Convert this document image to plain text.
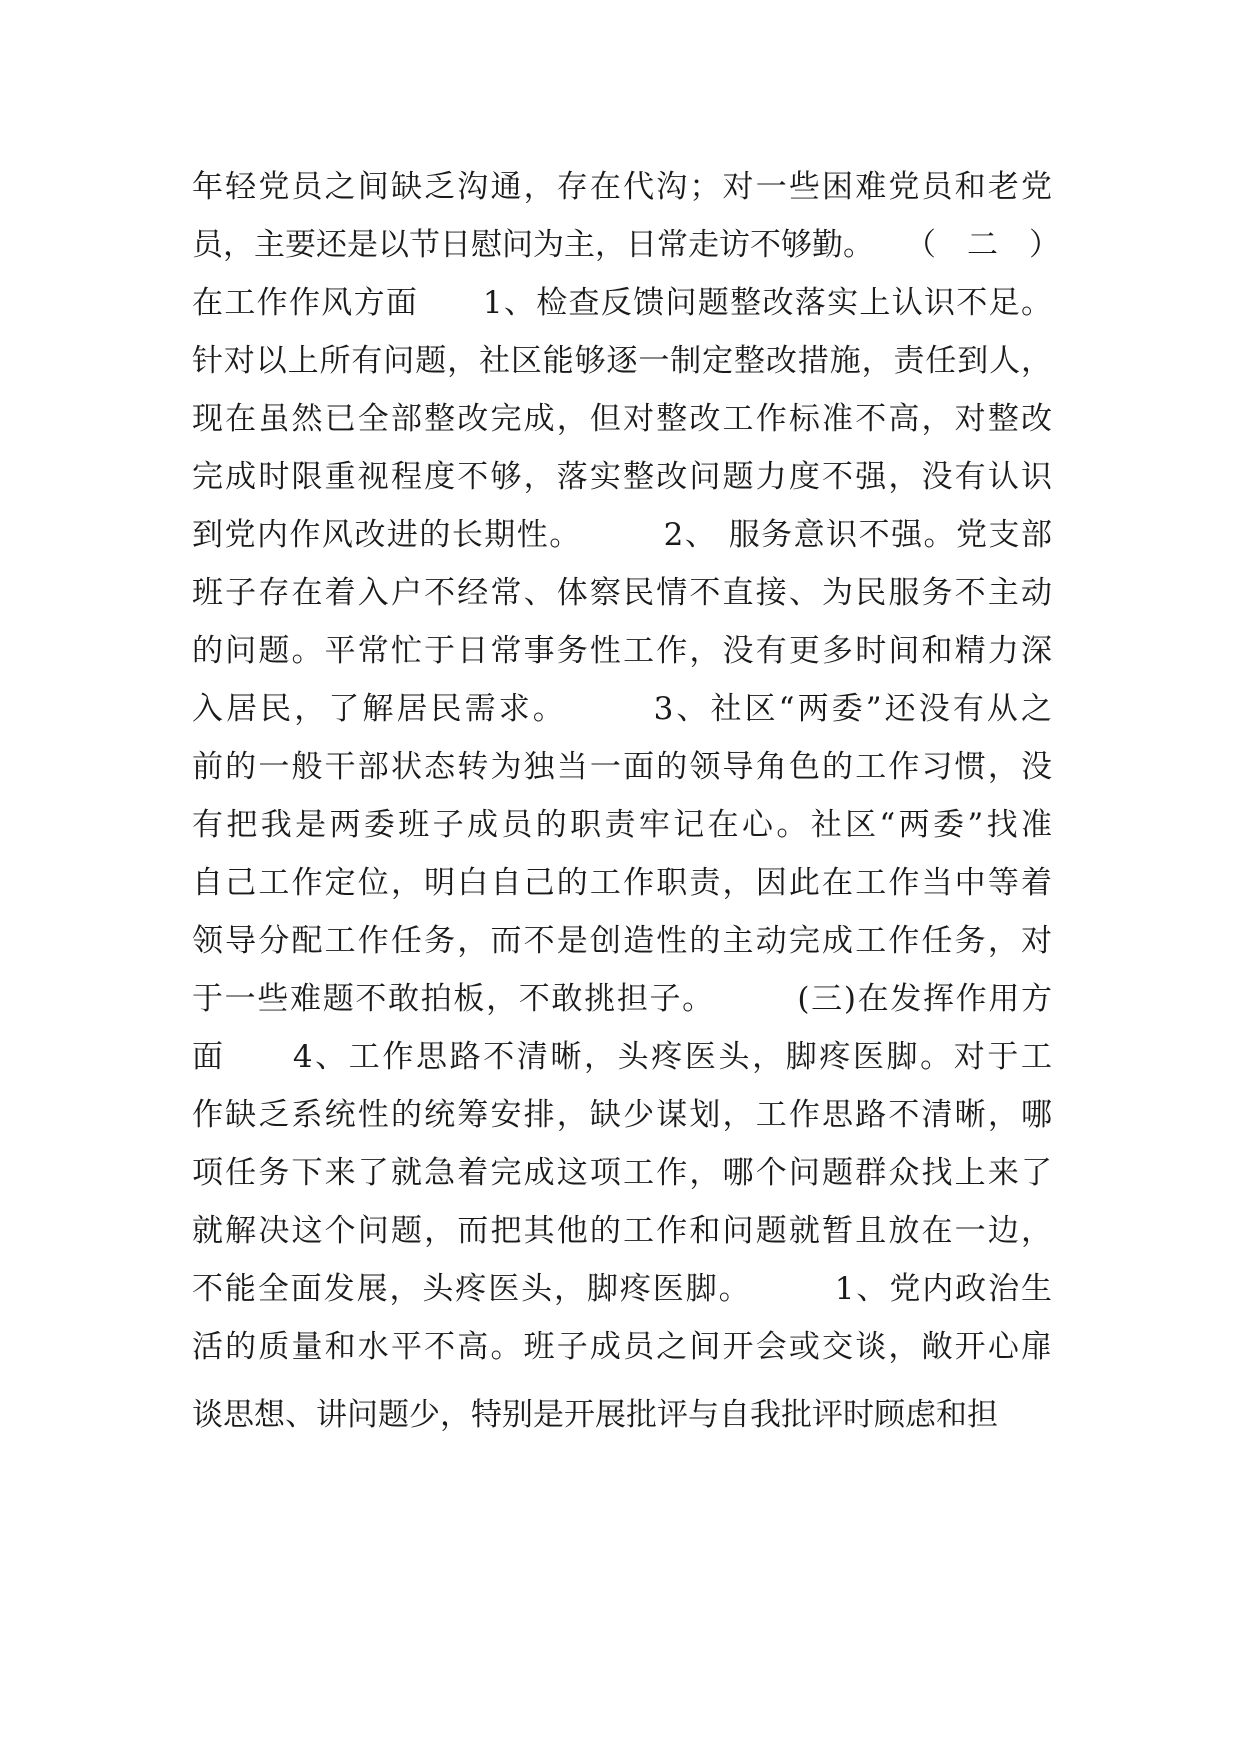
年轻党员之间缺乏沟通，存在代沟；对一些困难党员和老党
员，主要还是以节日慰问为主，日常走访不够勤。　　（　二　）
在工作作风方面　　1、检查反馈问题整改落实上认识不足。
针对以上所有问题，社区能够逐一制定整改措施，责任到人，
现在虽然已全部整改完成，但对整改工作标准不高，对整改
完成时限重视程度不够，落实整改问题力度不强，没有认识
到党内作风改进的长期性。　　　2、 服务意识不强。党支部
班子存在着入户不经常、体察民情不直接、为民服务不主动
的问题。平常忙于日常事务性工作，没有更多时间和精力深
入居民，了解居民需求。　　　3、社区“两委”还没有从之
前的一般干部状态转为独当一面的领导角色的工作习惯，没
有把我是两委班子成员的职责牢记在心。社区“两委”找准
自己工作定位，明白自己的工作职责，因此在工作当中等着
领导分配工作任务，而不是创造性的主动完成工作任务，对
于一些难题不敢拍板，不敢挑担子。　　　(三)在发挥作用方
面　　4、工作思路不清晰，头疼医头，脚疼医脚。对于工
作缺乏系统性的统筹安排，缺少谋划，工作思路不清晰，哪
项任务下来了就急着完成这项工作，哪个问题群众找上来了
就解决这个问题，而把其他的工作和问题就暂且放在一边，
不能全面发展，头疼医头，脚疼医脚。　　　1、党内政治生
活的质量和水平不高。班子成员之间开会或交谈，敞开心扉
谈思想、讲问题少，特别是开展批评与自我批评时顾虑和担
